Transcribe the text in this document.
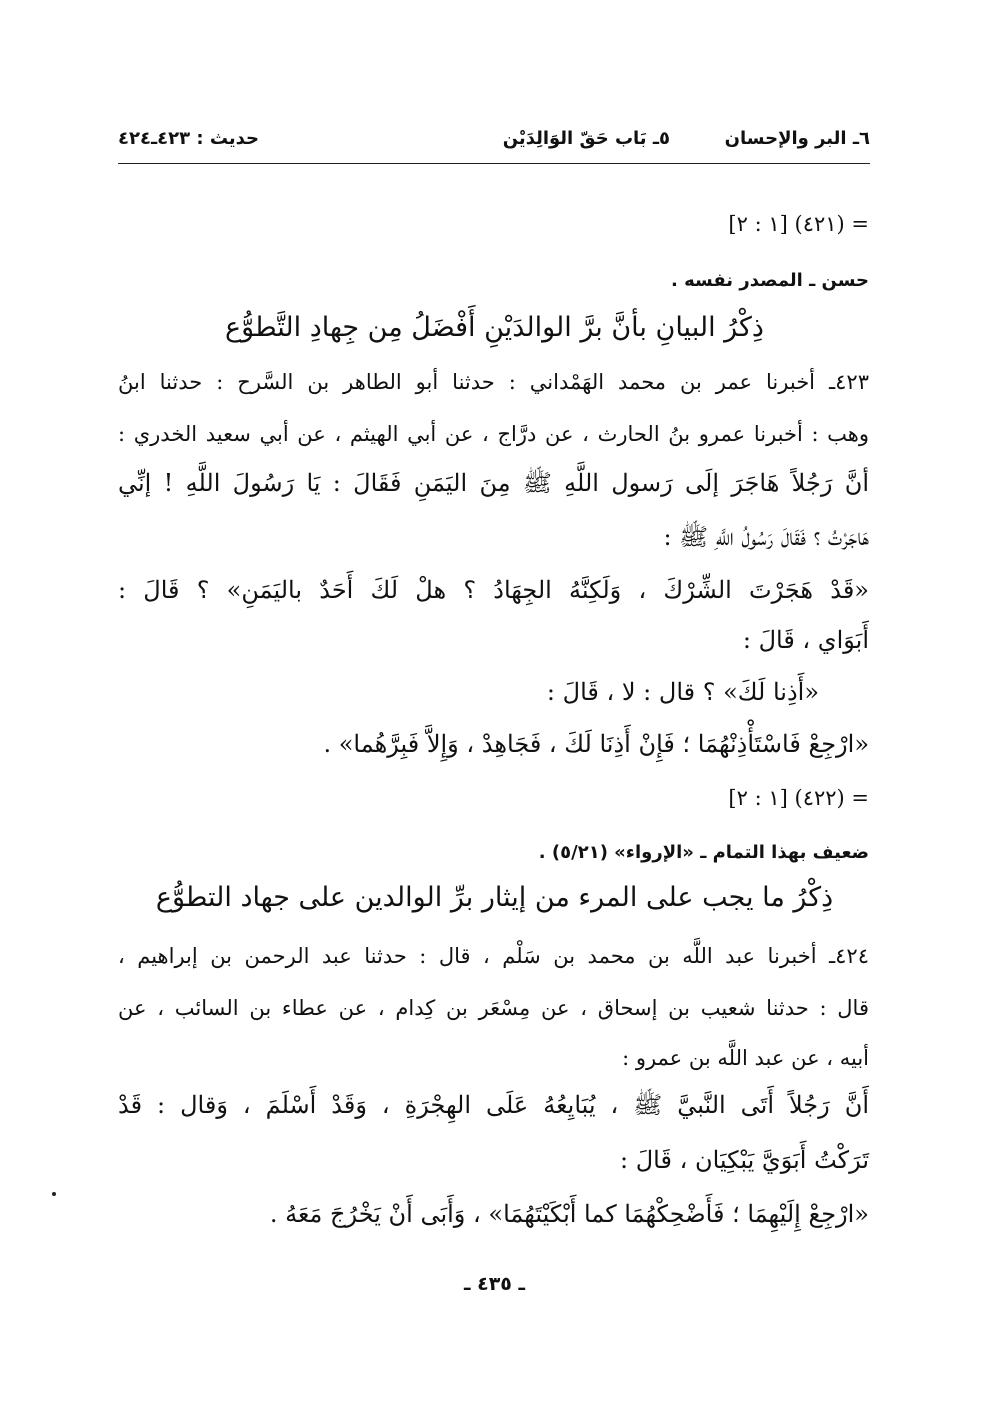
٦ـ البر والإحسان
٥ـ بَاب حَقّ الوَالِدَيْن
حديث : ٤٢٣ـ٤٢٤
= (٤٢١) [١ : ٢]
حسن ـ المصدر نفسه .
ذِكْرُ البيانِ بأنَّ برَّ الوالدَيْنِ أَفْضَلُ مِن جِهادِ التَّطوُّع
٤٢٣ـ أخبرنا عمر بن محمد الهَمْداني : حدثنا أبو الطاهر بن السَّرح : حدثنا ابنُ
وهب : أخبرنا عمرو بنُ الحارث ، عن درَّاج ، عن أبي الهيثم ، عن أبي سعيد الخدري :
أنَّ رَجُلاً هَاجَرَ إلَى رَسول اللَّهِ ﷺ مِنَ اليَمَنِ فَقَالَ : يَا رَسُولَ اللَّهِ ! إنِّي
هَاجَرْتُ ؟ فَقَالَ رَسُولُ اللَّهِ ﷺ :
«قَدْ هَجَرْتَ الشِّرْكَ ، وَلَكِنَّهُ الجِهَادُ ؟ هلْ لَكَ أَحَدٌ باليَمَنِ» ؟ قَالَ :
أَبَوَاي ، قَالَ :
«أَذِنا لَكَ» ؟ قال : لا ، قَالَ :
«ارْجِعْ فَاسْتَأْذِنْهُمَا ؛ فَإِنْ أَذِنَا لَكَ ، فَجَاهِدْ ، وَإِلاَّ فَبِرَّهُما» .
= (٤٢٢) [١ : ٢]
ضعيف بهذا التمام ـ «الإرواء» (٥/٢١) .
ذِكْرُ ما يجب على المرء من إيثار برِّ الوالدين على جهاد التطوُّع
٤٢٤ـ أخبرنا عبد اللَّه بن محمد بن سَلْم ، قال : حدثنا عبد الرحمن بن إبراهيم ،
قال : حدثنا شعيب بن إسحاق ، عن مِسْعَر بن كِدام ، عن عطاء بن السائب ، عن
أبيه ، عن عبد اللَّه بن عمرو :
أَنَّ رَجُلاً أَتَى النَّبيَّ ﷺ ، يُبَايِعُهُ عَلَى الهِجْرَةِ ، وَقَدْ أَسْلَمَ ، وَقال : قَدْ
تَرَكْتُ أَبَوَيَّ يَبْكِيَان ، قَالَ :
«ارْجِعْ إِلَيْهِمَا ؛ فَأَضْحِكْهُمَا كما أَبْكَيْتَهُمَا» ، وَأَبَى أَنْ يَخْرُجَ مَعَهُ .
ـ ٤٣٥ ـ
